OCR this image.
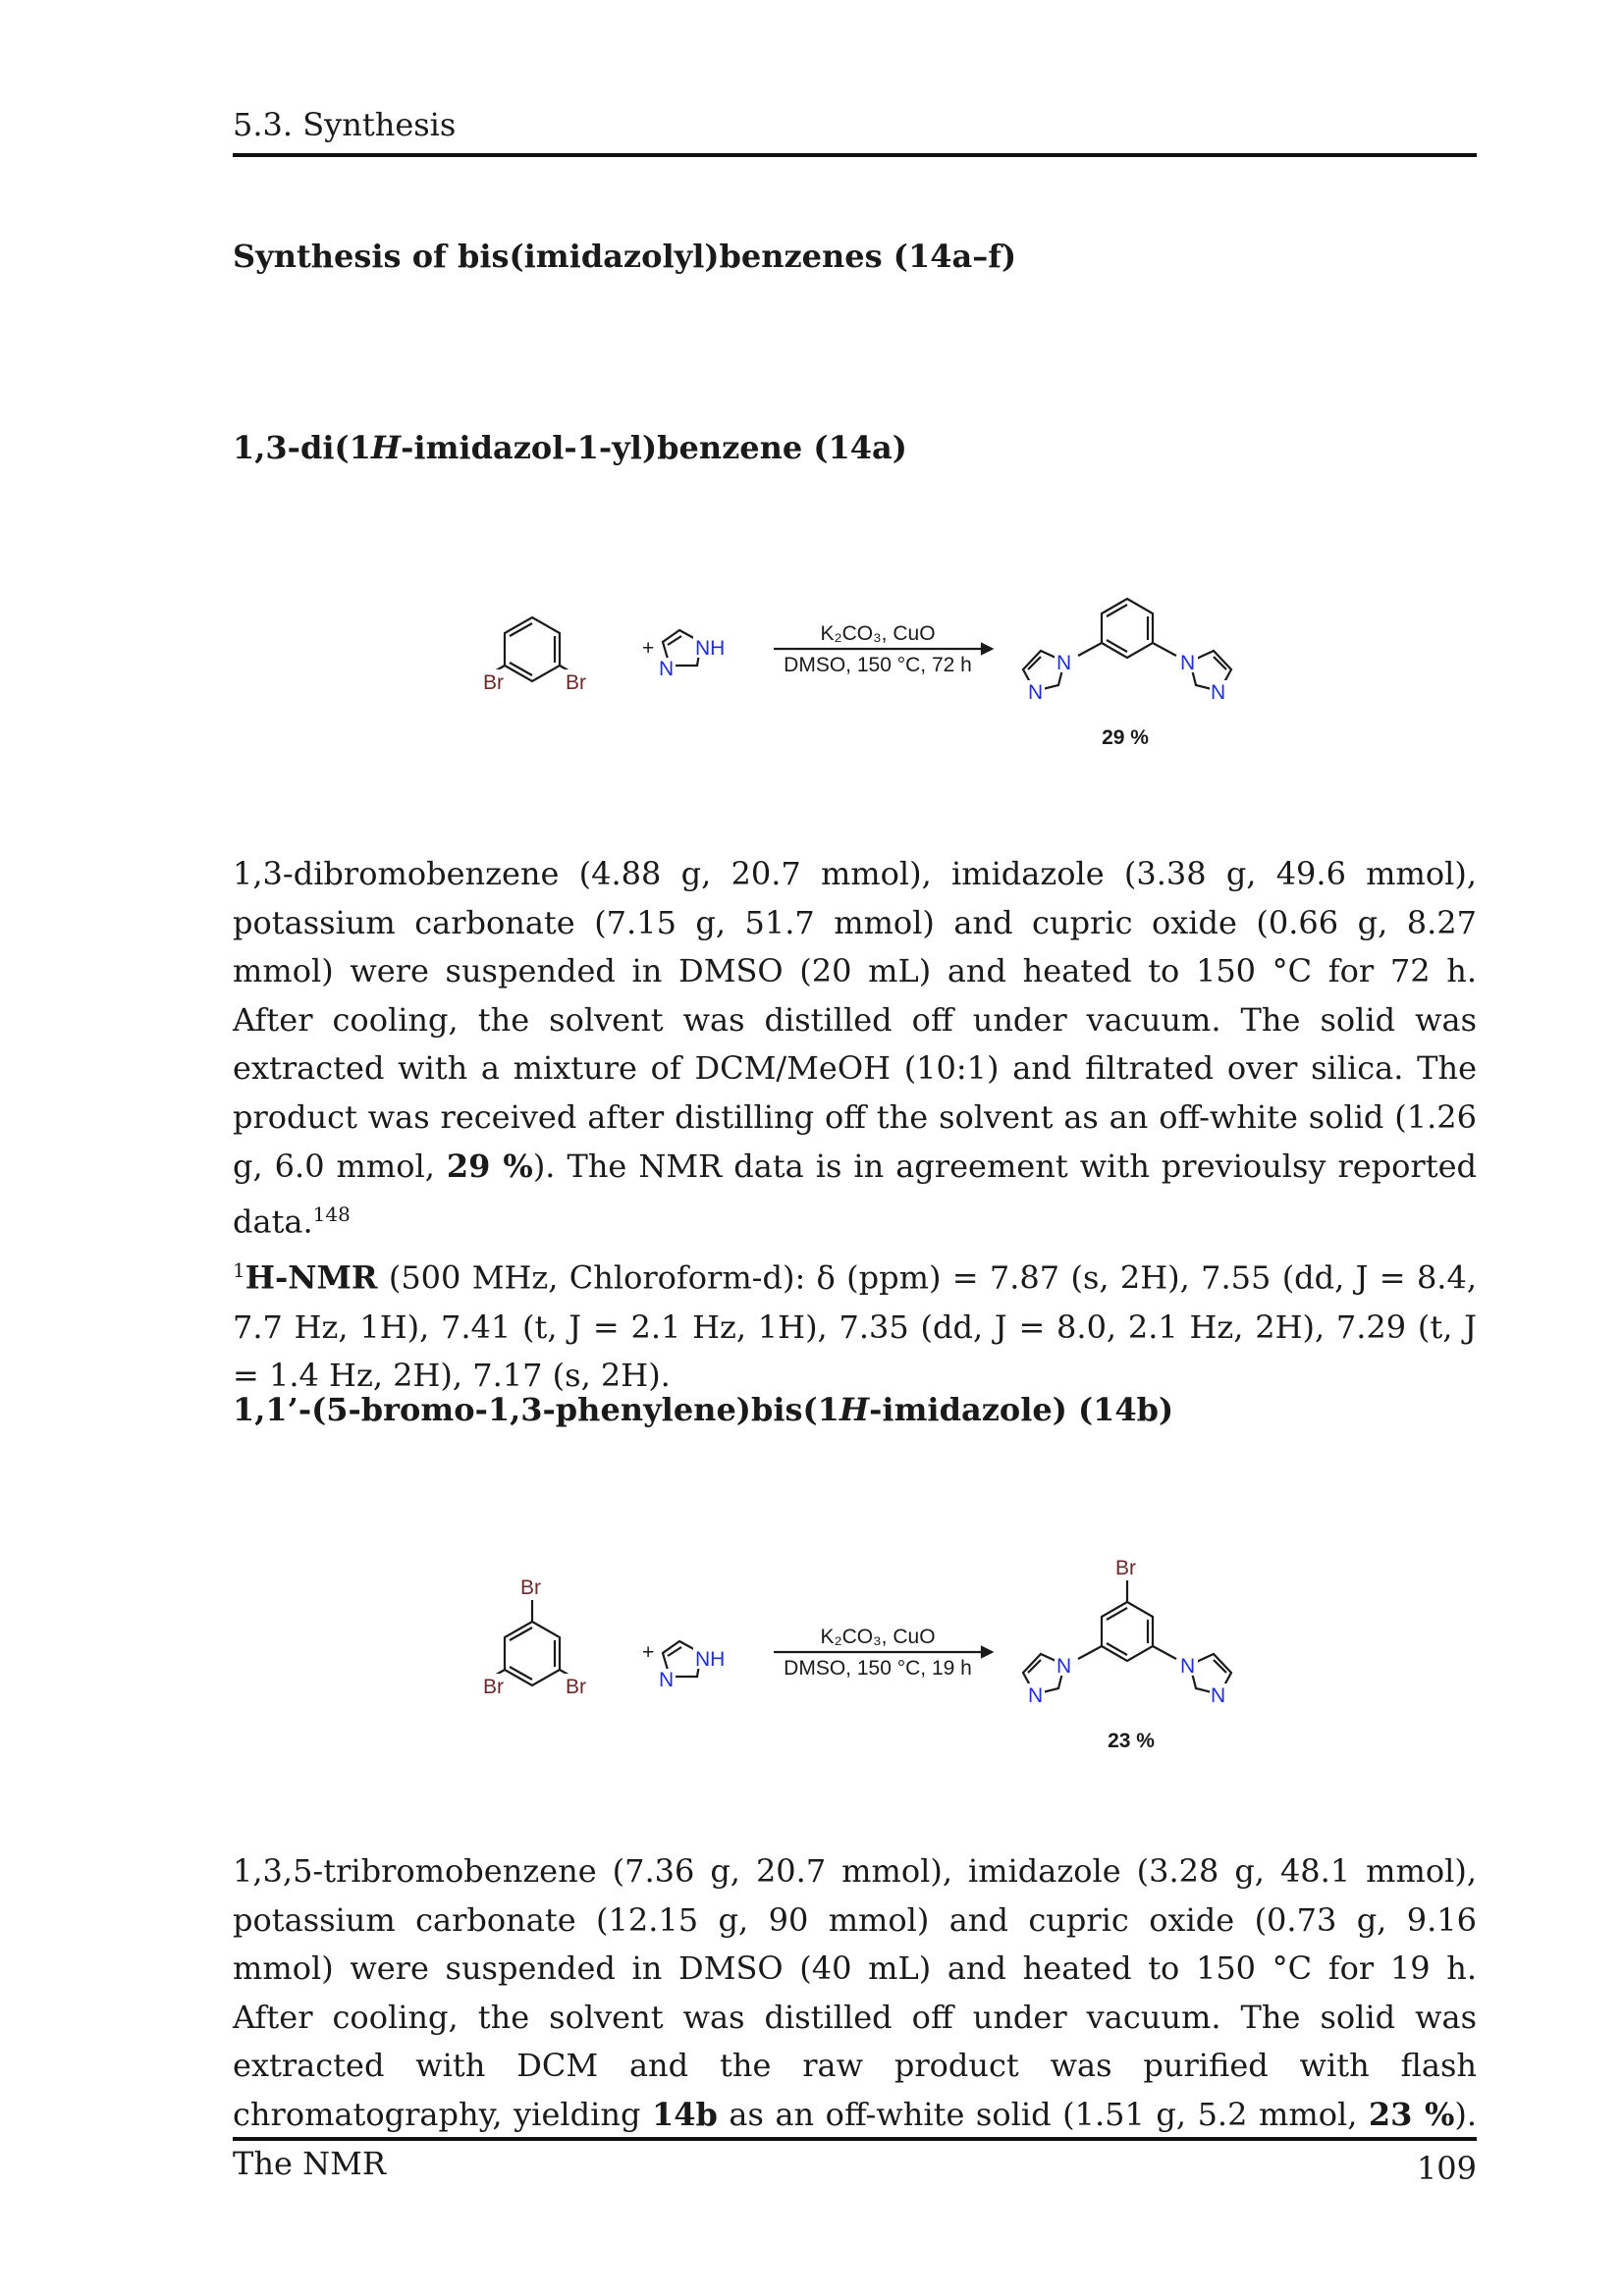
5.3. Synthesis
Synthesis of bis(imidazolyl)benzenes (14a–f)
1,3-di(1H-imidazol-1-yl)benzene (14a)
Br	Br
+ NH
N
K₂CO₃, CuO
DMSO, 150 °C, 72 h	N
N
N
N
29 %

1,3-dibromobenzene (4.88 g, 20.7 mmol), imidazole (3.38 g, 49.6 mmol), potassium carbonate (7.15 g, 51.7 mmol) and cupric oxide (0.66 g, 8.27 mmol) were suspended in DMSO (20 mL) and heated to 150 °C for 72 h. After cooling, the solvent was distilled off under vacuum. The solid was extracted with a mixture of DCM/MeOH (10:1) and filtrated over silica. The product was received after distilling off the solvent as an off-white solid (1.26 g, 6.0 mmol, 29 %). The NMR data is in agreement with previoulsy reported data.$^{148}$
$^1$H-NMR (500 MHz, Chloroform-d): δ (ppm) = 7.87 (s, 2H), 7.55 (dd, J = 8.4, 7.7 Hz, 1H), 7.41 (t, J = 2.1 Hz, 1H), 7.35 (dd, J = 8.0, 2.1 Hz, 2H), 7.29 (t, J = 1.4 Hz, 2H), 7.17 (s, 2H).

1,1’-(5-bromo-1,3-phenylene)bis(1H-imidazole) (14b)
Br
Br	Br
+ NH
N
K₂CO₃, CuO
DMSO, 150 °C, 19 h
Br
N
N
N
N
23 %

1,3,5-tribromobenzene (7.36 g, 20.7 mmol), imidazole (3.28 g, 48.1 mmol), potassium carbonate (12.15 g, 90 mmol) and cupric oxide (0.73 g, 9.16 mmol) were suspended in DMSO (40 mL) and heated to 150 °C for 19 h. After cooling, the solvent was distilled off under vacuum. The solid was extracted with DCM and the raw product was purified with flash chromatography, yielding 14b as an off-white solid (1.51 g, 5.2 mmol, 23 %). The NMR	109
